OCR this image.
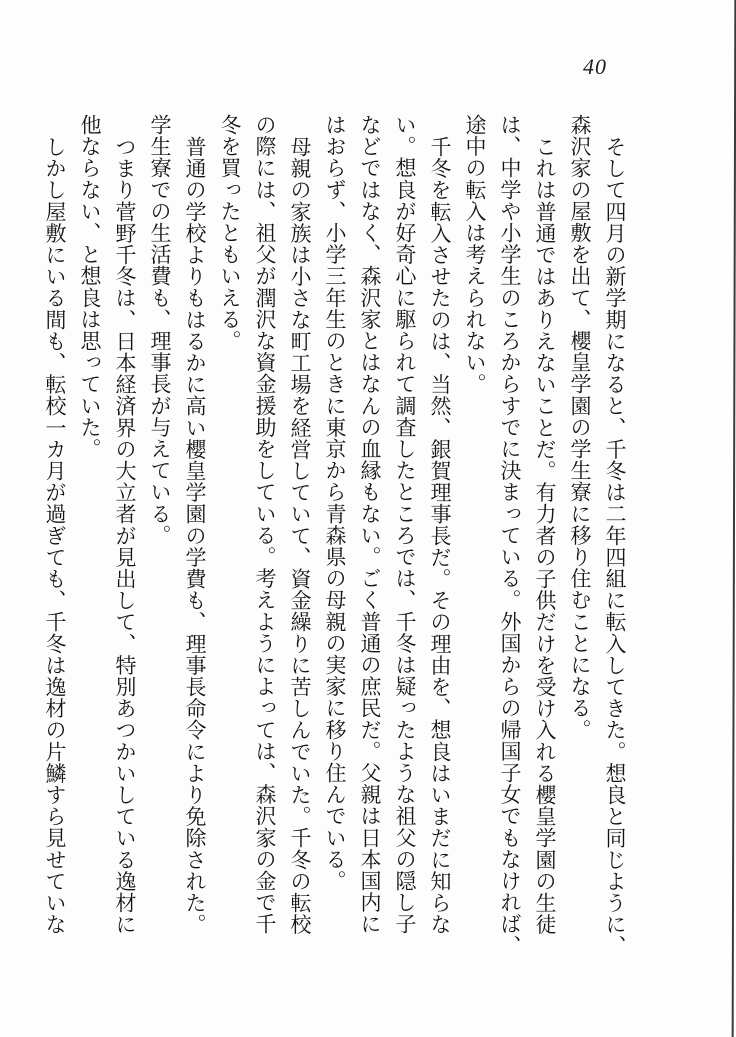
40
そして四月の新学期になると、千冬は二年四組に転入してきた。想良と同じように、
森沢家の屋敷を出て、櫻皇学園の学生寮に移り住むことになる。
これは普通ではありえないことだ。有力者の子供だけを受け入れる櫻皇学園の生徒
は、中学や小学生のころからすでに決まっている。外国からの帰国子女でもなければ、
途中の転入は考えられない。
千冬を転入させたのは、当然、銀賀理事長だ。その理由を、想良はいまだに知らな
い。想良が好奇心に駆られて調査したところでは、千冬は疑ったような祖父の隠し子
などではなく、森沢家とはなんの血縁もない。ごく普通の庶民だ。父親は日本国内に
はおらず、小学三年生のときに東京から青森県の母親の実家に移り住んでいる。
母親の家族は小さな町工場を経営していて、資金繰りに苦しんでいた。千冬の転校
の際には、祖父が潤沢な資金援助をしている。考えようによっては、森沢家の金で千
冬を買ったともいえる。
普通の学校よりもはるかに高い櫻皇学園の学費も、理事長命令により免除された。
学生寮での生活費も、理事長が与えている。
つまり菅野千冬は、日本経済界の大立者が見出して、特別あつかいしている逸材に
他ならない、と想良は思っていた。
しかし屋敷にいる間も、転校一カ月が過ぎても、千冬は逸材の片鱗すら見せていな
